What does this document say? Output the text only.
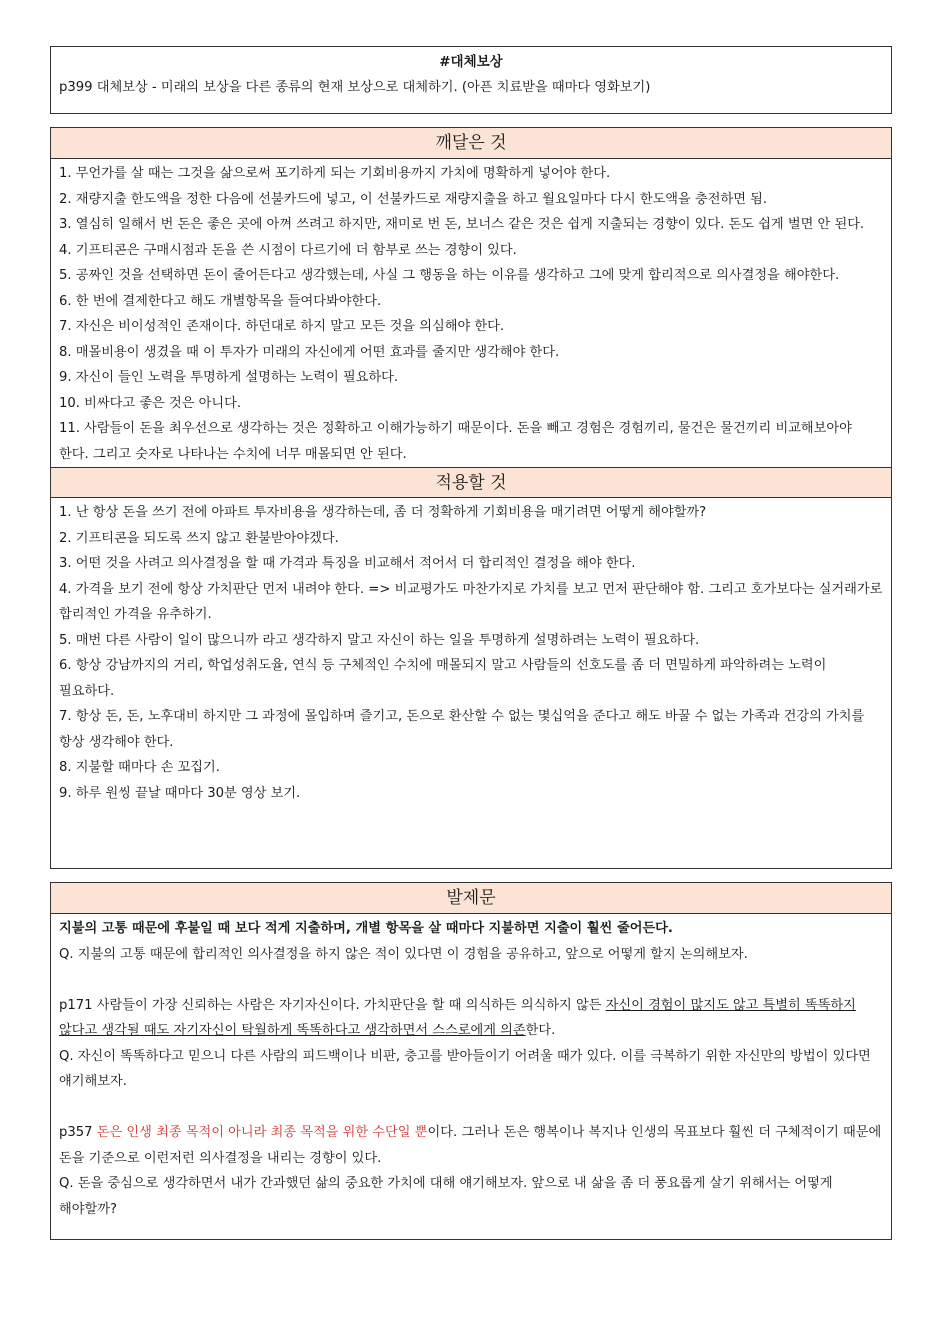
#대체보상
p399 대체보상 - 미래의 보상을 다른 종류의 현재 보상으로 대체하기. (아픈 치료받을 때마다 영화보기)
깨달은 것
1. 무언가를 살 때는 그것을 삶으로써 포기하게 되는 기회비용까지 가치에 명확하게 넣어야 한다.
2. 재량지출 한도액을 정한 다음에 선불카드에 넣고, 이 선불카드로 재량지출을 하고 월요일마다 다시 한도액을 충전하면 됨.
3. 열심히 일해서 번 돈은 좋은 곳에 아껴 쓰려고 하지만, 재미로 번 돈, 보너스 같은 것은 쉽게 지출되는 경향이 있다. 돈도 쉽게 벌면 안 된다.
4. 기프티콘은 구매시점과 돈을 쓴 시점이 다르기에 더 함부로 쓰는 경향이 있다.
5. 공짜인 것을 선택하면 돈이 줄어든다고 생각했는데, 사실 그 행동을 하는 이유를 생각하고 그에 맞게 합리적으로 의사결정을 해야한다.
6. 한 번에 결제한다고 해도 개별항목을 들여다봐야한다.
7. 자신은 비이성적인 존재이다. 하던대로 하지 말고 모든 것을 의심해야 한다.
8. 매몰비용이 생겼을 때 이 투자가 미래의 자신에게 어떤 효과를 줄지만 생각해야 한다.
9. 자신이 들인 노력을 투명하게 설명하는 노력이 필요하다.
10. 비싸다고 좋은 것은 아니다.
11. 사람들이 돈을 최우선으로 생각하는 것은 정확하고 이해가능하기 때문이다. 돈을 빼고 경험은 경험끼리, 물건은 물건끼리 비교해보아야 한다. 그리고 숫자로 나타나는 수치에 너무 매몰되면 안 된다.
적용할 것
1. 난 항상 돈을 쓰기 전에 아파트 투자비용을 생각하는데, 좀 더 정확하게 기회비용을 매기려면 어떻게 해야할까?
2. 기프티콘을 되도록 쓰지 않고 환불받아야겠다.
3. 어떤 것을 사려고 의사결정을 할 때 가격과 특징을 비교해서 적어서 더 합리적인 결정을 해야 한다.
4. 가격을 보기 전에 항상 가치판단 먼저 내려야 한다. => 비교평가도 마찬가지로 가치를 보고 먼저 판단해야 함. 그리고 호가보다는 실거래가로 합리적인 가격을 유추하기.
5. 매번 다른 사람이 일이 많으니까 라고 생각하지 말고 자신이 하는 일을 투명하게 설명하려는 노력이 필요하다.
6. 항상 강남까지의 거리, 학업성취도율, 연식 등 구체적인 수치에 매몰되지 말고 사람들의 선호도를 좀 더 면밀하게 파악하려는 노력이 필요하다.
7. 항상 돈, 돈, 노후대비 하지만 그 과정에 몰입하며 즐기고, 돈으로 환산할 수 없는 몇십억을 준다고 해도 바꿀 수 없는 가족과 건강의 가치를 항상 생각해야 한다.
8. 지불할 때마다 손 꼬집기.
9. 하루 원씽 끝날 때마다 30분 영상 보기.
발제문
지불의 고통 때문에 후불일 때 보다 적게 지출하며, 개별 항목을 살 때마다 지불하면 지출이 훨씬 줄어든다.
Q. 지불의 고통 때문에 합리적인 의사결정을 하지 않은 적이 있다면 이 경험을 공유하고, 앞으로 어떻게 할지 논의해보자.
p171 사람들이 가장 신뢰하는 사람은 자기자신이다. 가치판단을 할 때 의식하든 의식하지 않든 자신이 경험이 많지도 않고 특별히 똑똑하지 않다고 생각될 때도 자기자신이 탁월하게 똑똑하다고 생각하면서 스스로에게 의존한다.
Q. 자신이 똑똑하다고 믿으니 다른 사람의 피드백이나 비판, 충고를 받아들이기 어려울 때가 있다. 이를 극복하기 위한 자신만의 방법이 있다면 얘기해보자.
p357 돈은 인생 최종 목적이 아니라 최종 목적을 위한 수단일 뿐이다. 그러나 돈은 행복이나 복지나 인생의 목표보다 훨씬 더 구체적이기 때문에 돈을 기준으로 이런저런 의사결정을 내리는 경향이 있다.
Q. 돈을 중심으로 생각하면서 내가 간과했던 삶의 중요한 가치에 대해 얘기해보자. 앞으로 내 삶을 좀 더 풍요롭게 살기 위해서는 어떻게 해야할까?
